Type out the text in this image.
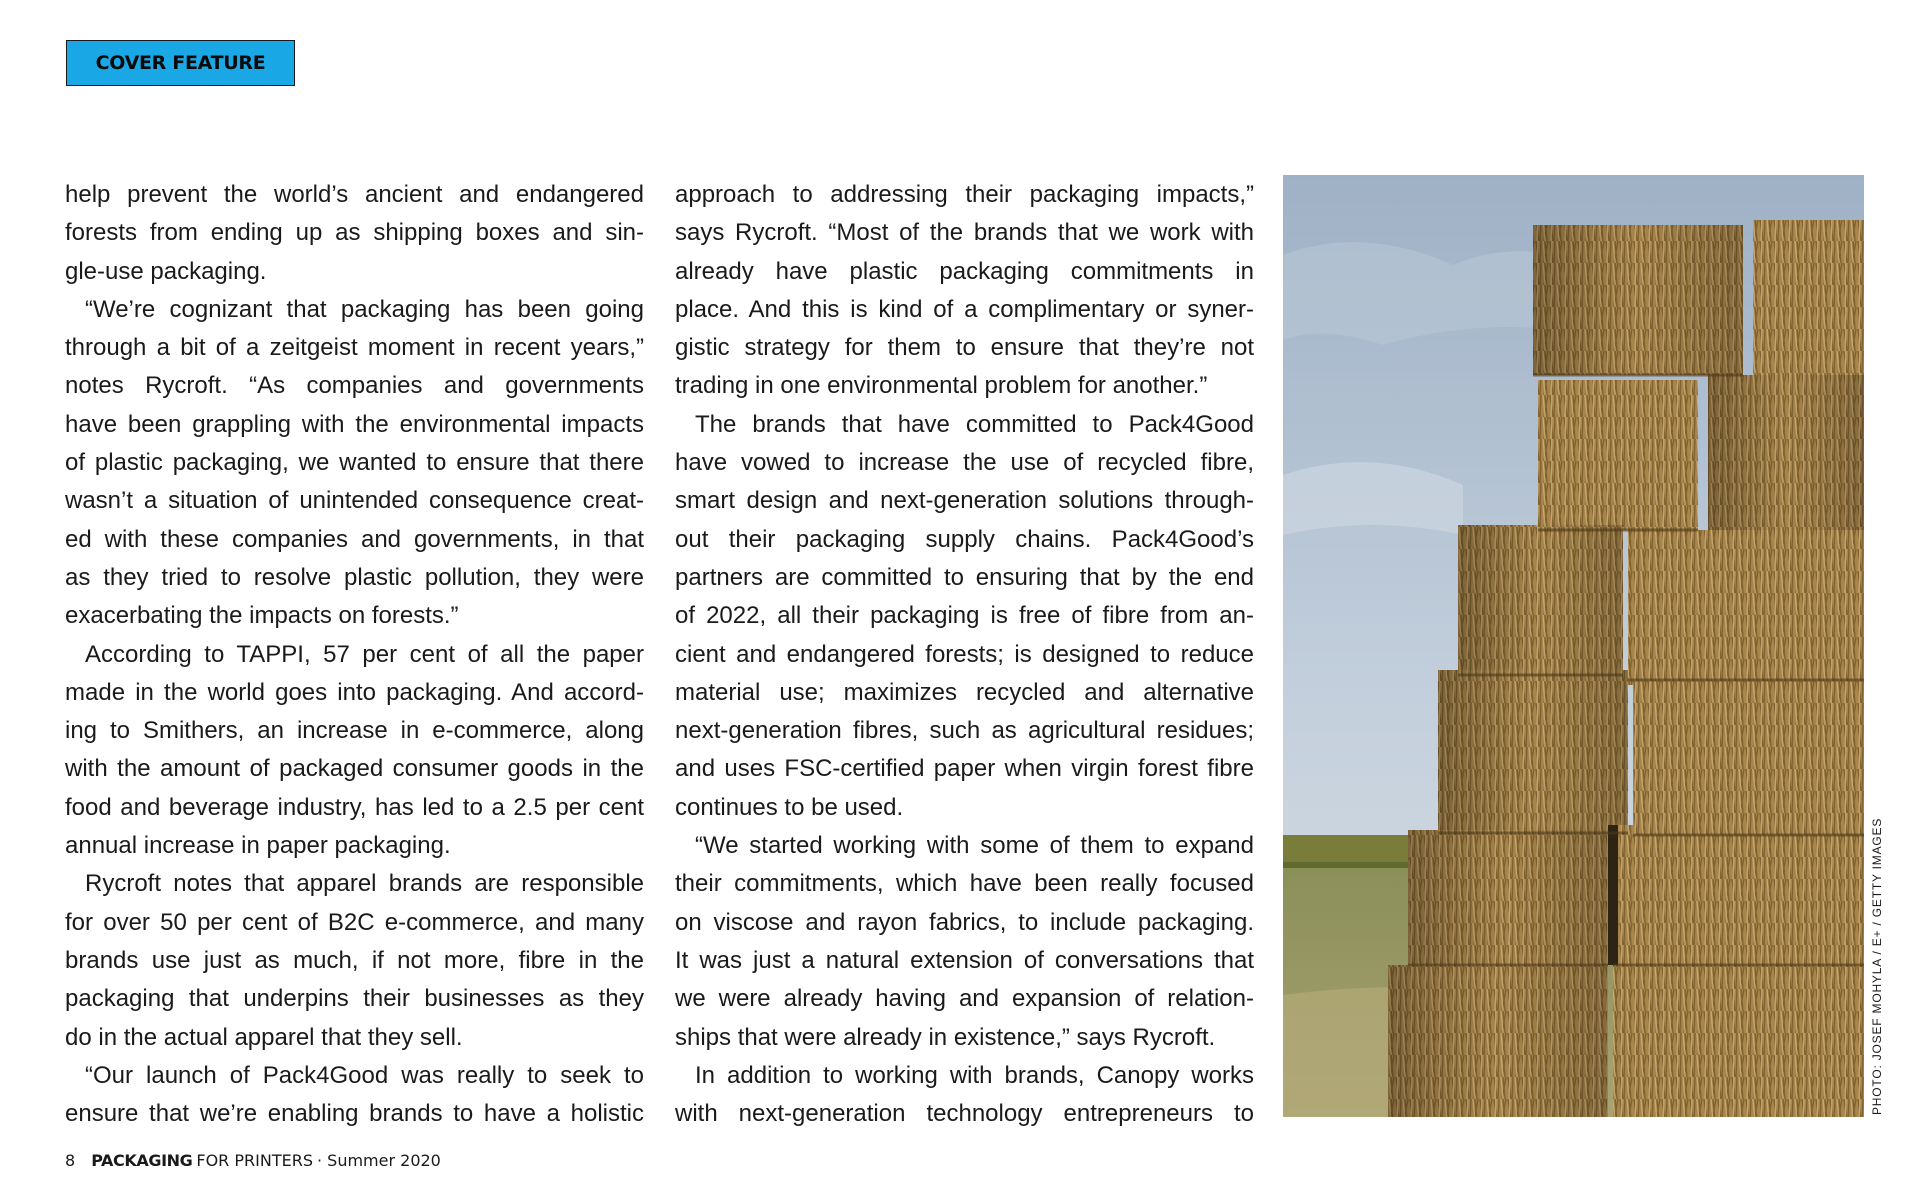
COVER FEATURE

help prevent the world’s ancient and endangered
forests from ending up as shipping boxes and sin-
gle-use packaging.

“We’re cognizant that packaging has been going
through a bit of a zeitgeist moment in recent years,”
notes Rycroft. “As companies and governments
have been grappling with the environmental impacts
of plastic packaging, we wanted to ensure that there
wasn’t a situation of unintended consequence creat-
ed with these companies and governments, in that
as they tried to resolve plastic pollution, they were
exacerbating the impacts on forests.”

According to TAPPI, 57 per cent of all the paper
made in the world goes into packaging. And accord-
ing to Smithers, an increase in e-commerce, along
with the amount of packaged consumer goods in the
food and beverage industry, has led to a 2.5 per cent
annual increase in paper packaging.

Rycroft notes that apparel brands are responsible
for over 50 per cent of B2C e-commerce, and many
brands use just as much, if not more, fibre in the
packaging that underpins their businesses as they
do in the actual apparel that they sell.

“Our launch of Pack4Good was really to seek to
ensure that we’re enabling brands to have a holistic

approach to addressing their packaging impacts,”
says Rycroft. “Most of the brands that we work with
already have plastic packaging commitments in
place. And this is kind of a complimentary or syner-
gistic strategy for them to ensure that they’re not
trading in one environmental problem for another.”

The brands that have committed to Pack4Good
have vowed to increase the use of recycled fibre,
smart design and next-generation solutions through-
out their packaging supply chains. Pack4Good’s
partners are committed to ensuring that by the end
of 2022, all their packaging is free of fibre from an-
cient and endangered forests; is designed to reduce
material use; maximizes recycled and alternative
next-generation fibres, such as agricultural residues;
and uses FSC-certified paper when virgin forest fibre
continues to be used.

“We started working with some of them to expand
their commitments, which have been really focused
on viscose and rayon fabrics, to include packaging.
It was just a natural extension of conversations that
we were already having and expansion of relation-
ships that were already in existence,” says Rycroft.

In addition to working with brands, Canopy works
with next-generation technology entrepreneurs to	PHOTO: JOSEF MOHYLA / E+ / GETTY IMAGES
8 PACKAGING FOR PRINTERS · Summer 2020
